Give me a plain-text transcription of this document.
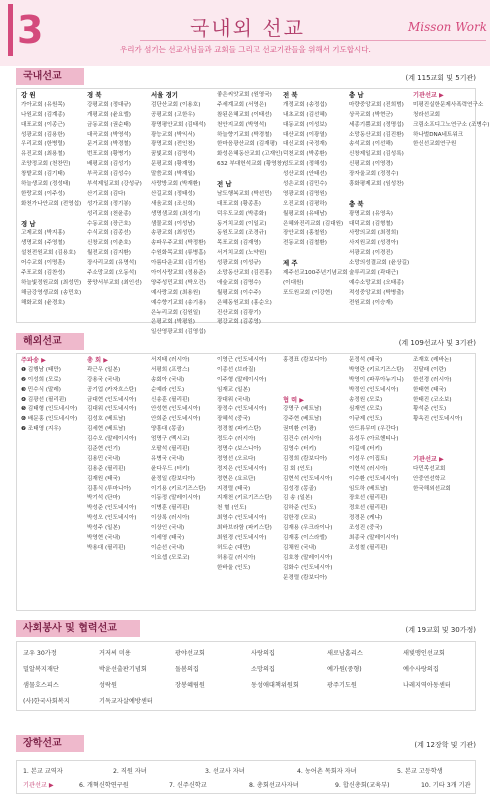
3	국내외 선교	Misson Work
우리가 섬기는 선교사님들과 교회들 그리고 선교기관들을 위해서 기도합시다.
국내선교	(계 115교회 및 5기관)
강 원
가아교회 (유원목)
나원교회 (김계종)
대포교회 (이종근)
성광교회 (김용한)
우리교회 (한병렬)
유진교회 (최용철)
조양정교회 (천찬민)
창밭교회 (김기태)
하늘생교회 (정성태)
한랑교회 (이주성)
화천가나안교회 (전영섭)
경 남
고제교회 (박지홍)
생명교회 (주영철)
설천전원교회 (김용호)
어수교회 (이명훈)
주포교회 (김찬성)
하늘빛정원교회 (최성민)
해금강영생교회 (송민호)
해화교회 (윤경호)
경 북
강평교회 (정대규)
개평교회 (윤요엘)
금동교회 (권순태)
대곡교회 (박영석)
문거교회 (박경철)
번포교회 (황병기)
배평교회 (김성기)
부곡교회 (김성수)
부석제일교회 (강성규)
산기교회 (김다)
성가교회 (정기봉)
성리교회 (천윤종)
수동교회 (장근호)
수식교회 (김종선)
신창교회 (이춘호)
월전교회 (김지환)
장사리교회 (유명석)
주소망교회 (오동석)
풍양서부교회 (최인선)
서울 경기
검단산교회 (이용호)
공평교회 (고한우)
광명평안교회 (김태석)
광능교회 (박익서)
광명교회 (전인천)
꿈빛교회 (김명석)
문평교회 (황재영)
말씀교회 (박재일)
사랑방교회 (박재환)
산길교회 (정태성)
새움교회 (조신희)
생명샘교회 (최성기)
샘물교회 (이성남)
송광교회 (최성민)
송파우주교회 (박정환)
수원화목교회 (류병흠)
아름다운교회 (김기원)
아이사랑교회 (정용준)
양주성민교회 (박오건)
예사랑교회 (최용원)
예수향기교회 (송기용)
은누리교회 (김원일)
은평교회 (박평원)
일산영광교회 (김영섭)
좋은씨앗교회 (원영국)
주세계교회 (서영은)
참된은혜교회 (이태선)
천안지교회 (박영석)
하늘향기교회 (박경철)
한마음광산교회 (김재평)
화성은혜동산교회 (고재인)
632 부대헌석교회 (황영창)
전 남
남도행복교회 (박선민)
대포교회 (황종훈)
덕우도교회 (박종화)
동거치교회 (이일교)
동원도교회 (조경규)
목포교회 (김재영)
서거치교회 (노약원)
성광교회 (이성규)
소망동산교회 (김진홍)
애숲교회 (김명수)
월평교회 (이수주)
은혜동원교회 (홍순오)
진산교회 (김광기)
평강교회 (김종영)
전 북
개정교회 (송정섭)
내초교회 (김선혜)
대동교회 (이성보)
대산교회 (이광열)
대신교회 (국정재)
덕천교회 (박종환)
성도교회 (정해성)
성산교회 (안태선)
성은교회 (김민수)
영광교회 (김명원)
오진교회 (김평하)
월평교회 (유태남)
은혜와진리교회 (김대원)
장안교회 (홍철원)
전동교회 (김철환)
제 주
제주선교100주년기념교회
(이대원)
포도원교회 (이강현)
충 남
마량중앙교회 (진희범)
상곡교회 (박현군)
세종기쁨교회 (정명섭)
소망동산교회 (김진환)
송석교회 (이선해)
신창제일교회 (김성록)
신평교회 (이영경)
장자울교회 (정정수)
흥화평제교회 (임성찬)
충 북
광명교회 (유영옥)
대덕교회 (김형철)
사랑의교회 (최정희)
사지원교회 (성경아)
서광교회 (이경진)
소망의성결교회 (윤상길)
술루리교회 (곽대근)
예수소망교회 (오태종)
적성중앙교회 (박병출)
전원교회 (이승재)
기관선교 ▶
미평진실한문제사폭력연구소
청라선교회
크림소프디그노연구소 (조병수)
하나벌DNA네트워크
한신선교회연구원
해외선교	(계 109선교사 및 3기관)
주파송 ▶
❶ 김행남 (태만)
❷ 이성희 (모로)
❸ 민수식 (말레)
❹ 김광선 (필리핀)
❺ 김태형 (인도네시아)
❻ 배문홍 (인도네시아)
❼ 조태영 (지우)
총 회 ▶
곽근우 (일본)
강용국 (국내)
공기업 (카자흐스탄)
금대현 (인도네시아)
김대위 (인도네시아)
김성호 (베트남)
김세현 (베트남)
김수오 (말레이시아)
김준현 (인기)
김용민 (국내)
김용준 (필리핀)
김재원 (태국)
김흥식 (루마니아)
박기석 (단마)
박성준 (인도네시아)
박성오 (인도네시아)
박성주 (일본)
박영현 (국내)
박용대 (필리핀)
서지태 (러시아)
서평희 (프랑스)
송회아 (국내)
순예라 (인도)
신송훈 (필리핀)
안성현 (인도네시아)
안희준 (인도네시아)
양흥대 (몽골)
엄명구 (멕시코)
오팔석 (필리핀)
유병국 (국내)
윤다우드 (터키)
윤정일 (캄보디아)
이기용 (키르기즈스탄)
이동정 (말레이시아)
이병훈 (필리핀)
이상록 (러시아)
이상인 (국내)
이세영 (태국)
이순선 (국내)
이요셉 (모로코)
이영근 (인도네시아)
이종선 (브라질)
이주형 (말레이시아)
임재교 (일본)
장대위 (국내)
장정수 (인도네시아)
장혜석 (중국)
정경철 (파키스탄)
정도수 (러시아)
정명수 (보스니아)
정영선 (오르다)
정지은 (인도네시아)
정현은 (요르단)
지경렬 (태국)
지재천 (키르기즈스탄)
천 혈 (인도)
최영수 (인도네시아)
최바브라함 (파키스탄)
최원경 (인도네시아)
허도순 (대만)
허용길 (러시아)
한바울 (인도)
홍경표 (캄보디아)
협 력 ▶
강명구 (베트남)
강주현 (베트남)
권미환 (이광)
김건수 (러시아)
김영수 (터키)
김정희 (캄보디아)
김 회 (인도)
김현석 (인도네시아)
김성경 (몽골)
김 송 (일본)
김하준 (인도)
김한경 (모르)
김재용 (우크라이나)
김재홍 (이스라엘)
김채원 (국내)
김호창 (말레이시아)
김화수 (인도네시아)
문경렬 (캄보디아)
문정석 (태국)
박영란 (키르기즈스탄)
박영이 (파푸아뉴기니)
박정인 (인도네시아)
송정원 (모로)
심재연 (모로)
이규제 (인도)
안드류무미 (우간다)
유성두 (아르헨티나)
이길예 (터키)
이성우 (이집트)
이현석 (러시아)
이수환 (인도네시아)
임도하 (베트남)
장호선 (필리핀)
정호선 (필리핀)
정경몬 (케냐)
조성진 (중국)
최종국 (말레이시아)
조성철 (필리핀)
조재호 (레바논)
진달래 (이란)
한선경 (러시아)
한태현 (태국)
한태진 (코소보)
황석준 (인도)
황옥진 (인도네시아)
기관선교 ▶
다민족선교회
안중연선학교
한국해외선교회
사회봉사 및 협력선교	(계 19교회 및 30가정)
교우 30가정	거저씨 미용	광야선교회	사랑의집	새로남홈리스	새빛맹인선교회
밀알복지재단	박윤선출판기념회	돌봄의집	소망의집	예가원(중형)	예수사랑의집
샘물호스피스	성락원	장봉혜림원	동성애대책위원회	광주기도원	나레지역아동센터
(사)한국사회복지	기독교자살예방센터
장학선교	(계 12장학 및 기관)
1. 본교 교역자	2. 직원 자녀	3. 선교사 자녀	4. 농어촌 목회자 자녀	5. 본교 고등학생
기관선교 ▶	6. 개혁신학연구원	7. 신주신학교	8. 총회선교사자녀	9. 합신총회(교육부)	10. 기타 3개 기관
